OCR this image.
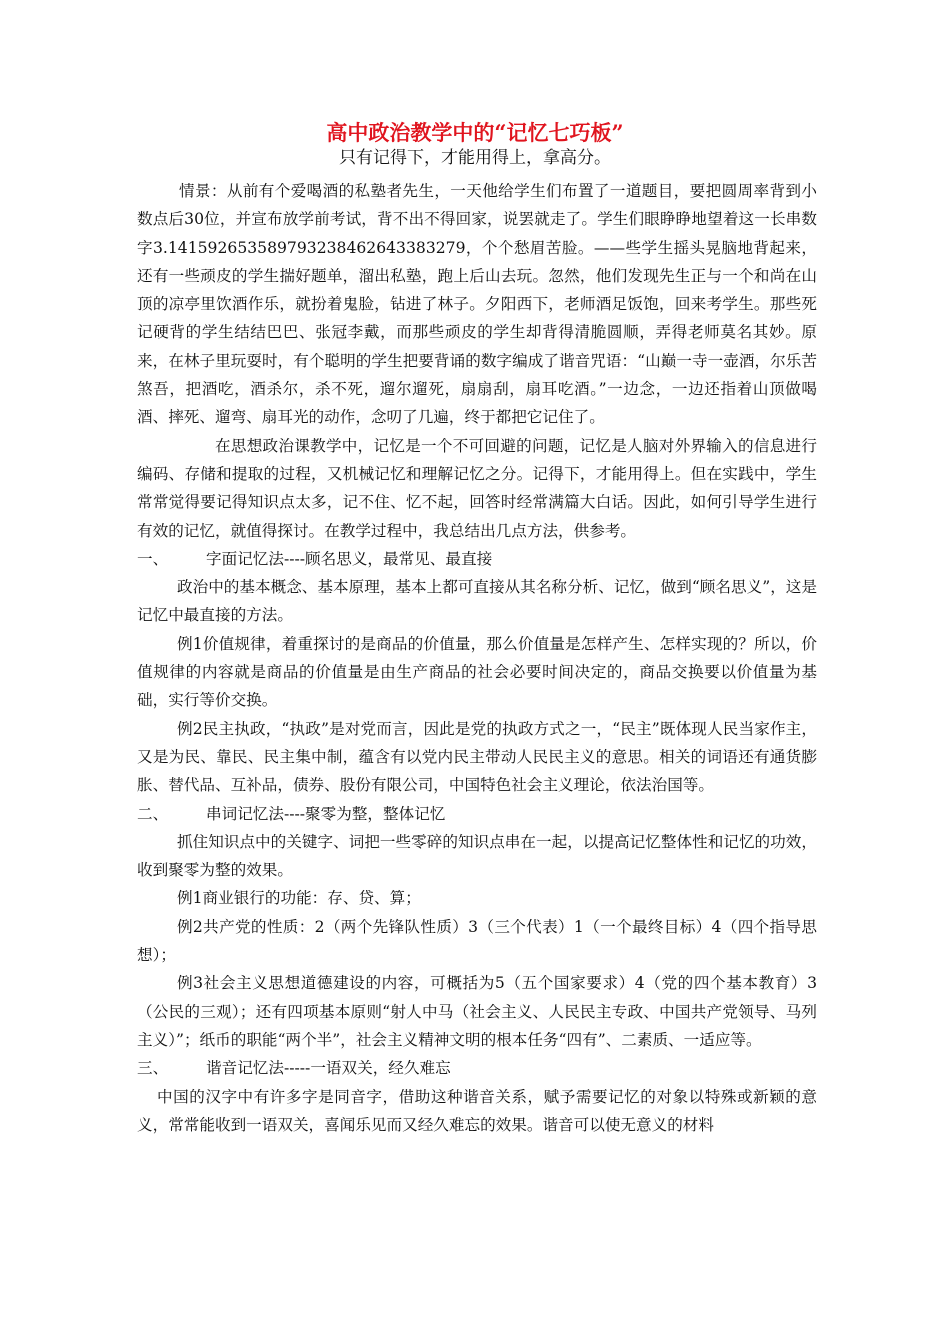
高中政治教学中的“记忆七巧板”
只有记得下，才能用得上，拿高分。

情景：从前有个爱喝酒的私塾者先生，一天他给学生们布置了一道题目，要把圆周率背到小数点后30位，并宣布放学前考试，背不出不得回家，说罢就走了。学生们眼睁睁地望着这一长串数字3.141592653589793238462643383279，个个愁眉苦脸。——些学生摇头晃脑地背起来，还有一些顽皮的学生揣好题单，溜出私塾，跑上后山去玩。忽然，他们发现先生正与一个和尚在山顶的凉亭里饮酒作乐，就扮着鬼脸，钻进了林子。夕阳西下，老师酒足饭饱，回来考学生。那些死记硬背的学生结结巴巴、张冠李戴，而那些顽皮的学生却背得清脆圆顺，弄得老师莫名其妙。原来，在林子里玩耍时，有个聪明的学生把要背诵的数字编成了谐音咒语：“山巅一寺一壶酒，尔乐苦煞吾，把酒吃，酒杀尔，杀不死，遛尔遛死，扇扇刮，扇耳吃酒。”一边念，一边还指着山顶做喝酒、摔死、遛弯、扇耳光的动作，念叨了几遍，终于都把它记住了。

在思想政治课教学中，记忆是一个不可回避的问题，记忆是人脑对外界输入的信息进行编码、存储和提取的过程，又机械记忆和理解记忆之分。记得下，才能用得上。但在实践中，学生常常觉得要记得知识点太多，记不住、忆不起，回答时经常满篇大白话。因此，如何引导学生进行有效的记忆，就值得探讨。在教学过程中，我总结出几点方法，供参考。

一、	字面记忆法----顾名思义，最常见、最直接

政治中的基本概念、基本原理，基本上都可直接从其名称分析、记忆，做到“顾名思义”，这是记忆中最直接的方法。

例1价值规律，着重探讨的是商品的价值量，那么价值量是怎样产生、怎样实现的？所以，价值规律的内容就是商品的价值量是由生产商品的社会必要时间决定的，商品交换要以价值量为基础，实行等价交换。

例2民主执政，“执政”是对党而言，因此是党的执政方式之一，“民主”既体现人民当家作主，又是为民、靠民、民主集中制，蕴含有以党内民主带动人民民主义的意思。相关的词语还有通货膨胀、替代品、互补品，债券、股份有限公司，中国特色社会主义理论，依法治国等。

二、	串词记忆法----聚零为整，整体记忆

抓住知识点中的关键字、词把一些零碎的知识点串在一起，以提高记忆整体性和记忆的功效，收到聚零为整的效果。

例1商业银行的功能：存、贷、算；

例2共产党的性质：2（两个先锋队性质）3（三个代表）1（一个最终目标）4（四个指导思想）；

例3社会主义思想道德建设的内容，可概括为5（五个国家要求）4（党的四个基本教育）3（公民的三观）；还有四项基本原则“射人中马（社会主义、人民民主专政、中国共产党领导、马列主义）”；纸币的职能“两个半”，社会主义精神文明的根本任务“四有”、二素质、一适应等。

三、	谐音记忆法-----一语双关，经久难忘

中国的汉字中有许多字是同音字，借助这种谐音关系，赋予需要记忆的对象以特殊或新颖的意义，常常能收到一语双关，喜闻乐见而又经久难忘的效果。谐音可以使无意义的材料
